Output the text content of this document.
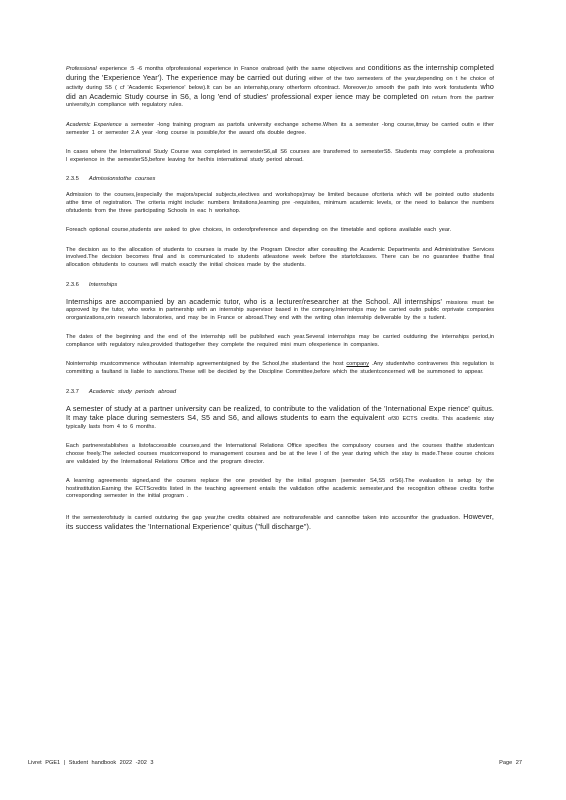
Professional experience :5 -6 months ofprofessional experience in France orabroad (with the same objectives and conditions as the internship completed during the 'Experience Year'). The experience may be carried out during either of the two semesters of the year,depending on t he choice of activity during S5 ( cf 'Academic Experience' below).It can be an internship,orany otherform ofcontract. Moreover,to smooth the path into work forstudents who did an Academic Study course in S6, a long 'end of studies' professional exper ience may be completed on return from the partner university,in compliance with regulatory rules.

Academic Experience a semester -long training program as partofa university exchange scheme.When its a semester -long course,itmay be carried outin e ither semester 1 or semester 2.A year -long course is possible,for the award ofa double degree.

In cases where the International Study Course was completed in semesterS6,all S6 courses are transferred to semesterS5. Students may complete a professiona l experience in the semesterS5,before leaving for her/his international study period abroad.

2.3.5 Admissionstothe courses

Admission to the courses,(especially the majors/special subjects,electives and workshops)may be limited because ofcriteria which will be pointed outto students atthe time of registration. The criteria might include: numbers limitations,learning pre -requisites, minimum academic levels, or the need to balance the numbers ofstudents from the three participating Schools in eac h workshop.

Foreach optional course,students are asked to give choices, in orderofpreference and depending on the timetable and options available each year.

The decision as to the allocation of students to courses is made by the Program Director after consulting the Academic Departments and Administrative Services involved.The decision becomes final and is communicated to students atleastone week before the startofclasses. There can be no guarantee thatthe final allocation ofstudents to courses will match exactly the initial choices made by the students.

2.3.6 Internships

Internships are accompanied by an academic tutor, who is a lecturer/researcher at the School. All internships' missions must be approved by the tutor, who works in partnership with an internship supervisor based in the company.Internships may be carried outin public orprivate companies ororganizations,orin research laboratories, and may be in France or abroad.They end with the writing ofan internship deliverable by the s tudent.

The dates of the beginning and the end of the internship will be published each year.Several internships may be carried outduring the internships period,in compliance with regulatory rules,provided thattogether they complete the required mini mum ofexperience in companies.

Nointernship mustcommence withoutan internship agreementsigned by the School,the studentand the host company .Any studentwho contravenes this regulation is committing a faultand is liable to sanctions.These will be decided by the Discipline Committee,before which the studentconcerned will be summoned to appear.

2.3.7 Academic study periods abroad

A semester of study at a partner university can be realized, to contribute to the validation of the 'International Expe rience' quitus. It may take place during semesters S4, S5 and S6, and allows students to earn the equivalent of30 ECTS credits. This academic stay typically lasts from 4 to 6 months.

Each partnerestablishes a listofaccessible courses,and the International Relations Office specifies the compulsory courses and the courses thatthe studentcan choose freely.The selected courses mustcorrespond to management courses and be at the leve l of the year during which the stay is made.These course choices are validated by the International Relations Office and the program director.

A learning agreements signed,and the courses replace the one provided by the initial program (semester S4,S5 orS6).The evaluation is setup by the hostinstitution.Earning the ECTScredits listed in the teaching agreement entails the validation ofthe academic semester,and the recognition ofthese credits forthe corresponding semester in the initial program .

If the semesterofstudy is carried outduring the gap year,the credits obtained are nottransferable and cannotbe taken into accountfor the graduation. However, its success validates the 'International Experience' quitus ("full discharge").

Livret PGE1 | Student handbook 2022 -202 3	Page 27
